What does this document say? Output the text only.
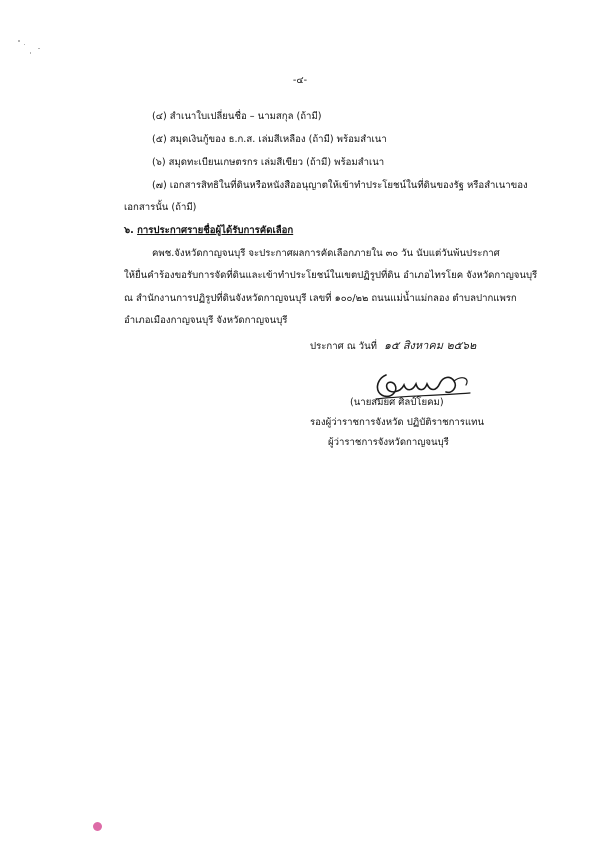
-๔-
(๔) สำเนาใบเปลี่ยนชื่อ – นามสกุล (ถ้ามี)
(๕) สมุดเงินกู้ของ ธ.ก.ส. เล่มสีเหลือง (ถ้ามี) พร้อมสำเนา
(๖) สมุดทะเบียนเกษตรกร เล่มสีเขียว (ถ้ามี) พร้อมสำเนา
(๗) เอกสารสิทธิในที่ดินหรือหนังสืออนุญาตให้เข้าทำประโยชน์ในที่ดินของรัฐ หรือสำเนาของ
เอกสารนั้น (ถ้ามี)
๖. การประกาศรายชื่อผู้ได้รับการคัดเลือก
คพช.จังหวัดกาญจนบุรี จะประกาศผลการคัดเลือกภายใน ๓๐ วัน นับแต่วันพ้นประกาศ
ให้ยื่นคำร้องขอรับการจัดที่ดินและเข้าทำประโยชน์ในเขตปฏิรูปที่ดิน อำเภอไทรโยค จังหวัดกาญจนบุรี
ณ สำนักงานการปฏิรูปที่ดินจังหวัดกาญจนบุรี เลขที่ ๑๐๐/๒๒ ถนนแม่น้ำแม่กลอง ตำบลปากแพรก
อำเภอเมืองกาญจนบุรี จังหวัดกาญจนบุรี
ประกาศ ณ วันที่ ๑๕ สิงหาคม ๒๕๖๒
(นายสมยศ ศิลป์โยคม)
รองผู้ว่าราชการจังหวัด ปฏิบัติราชการแทน
ผู้ว่าราชการจังหวัดกาญจนบุรี
